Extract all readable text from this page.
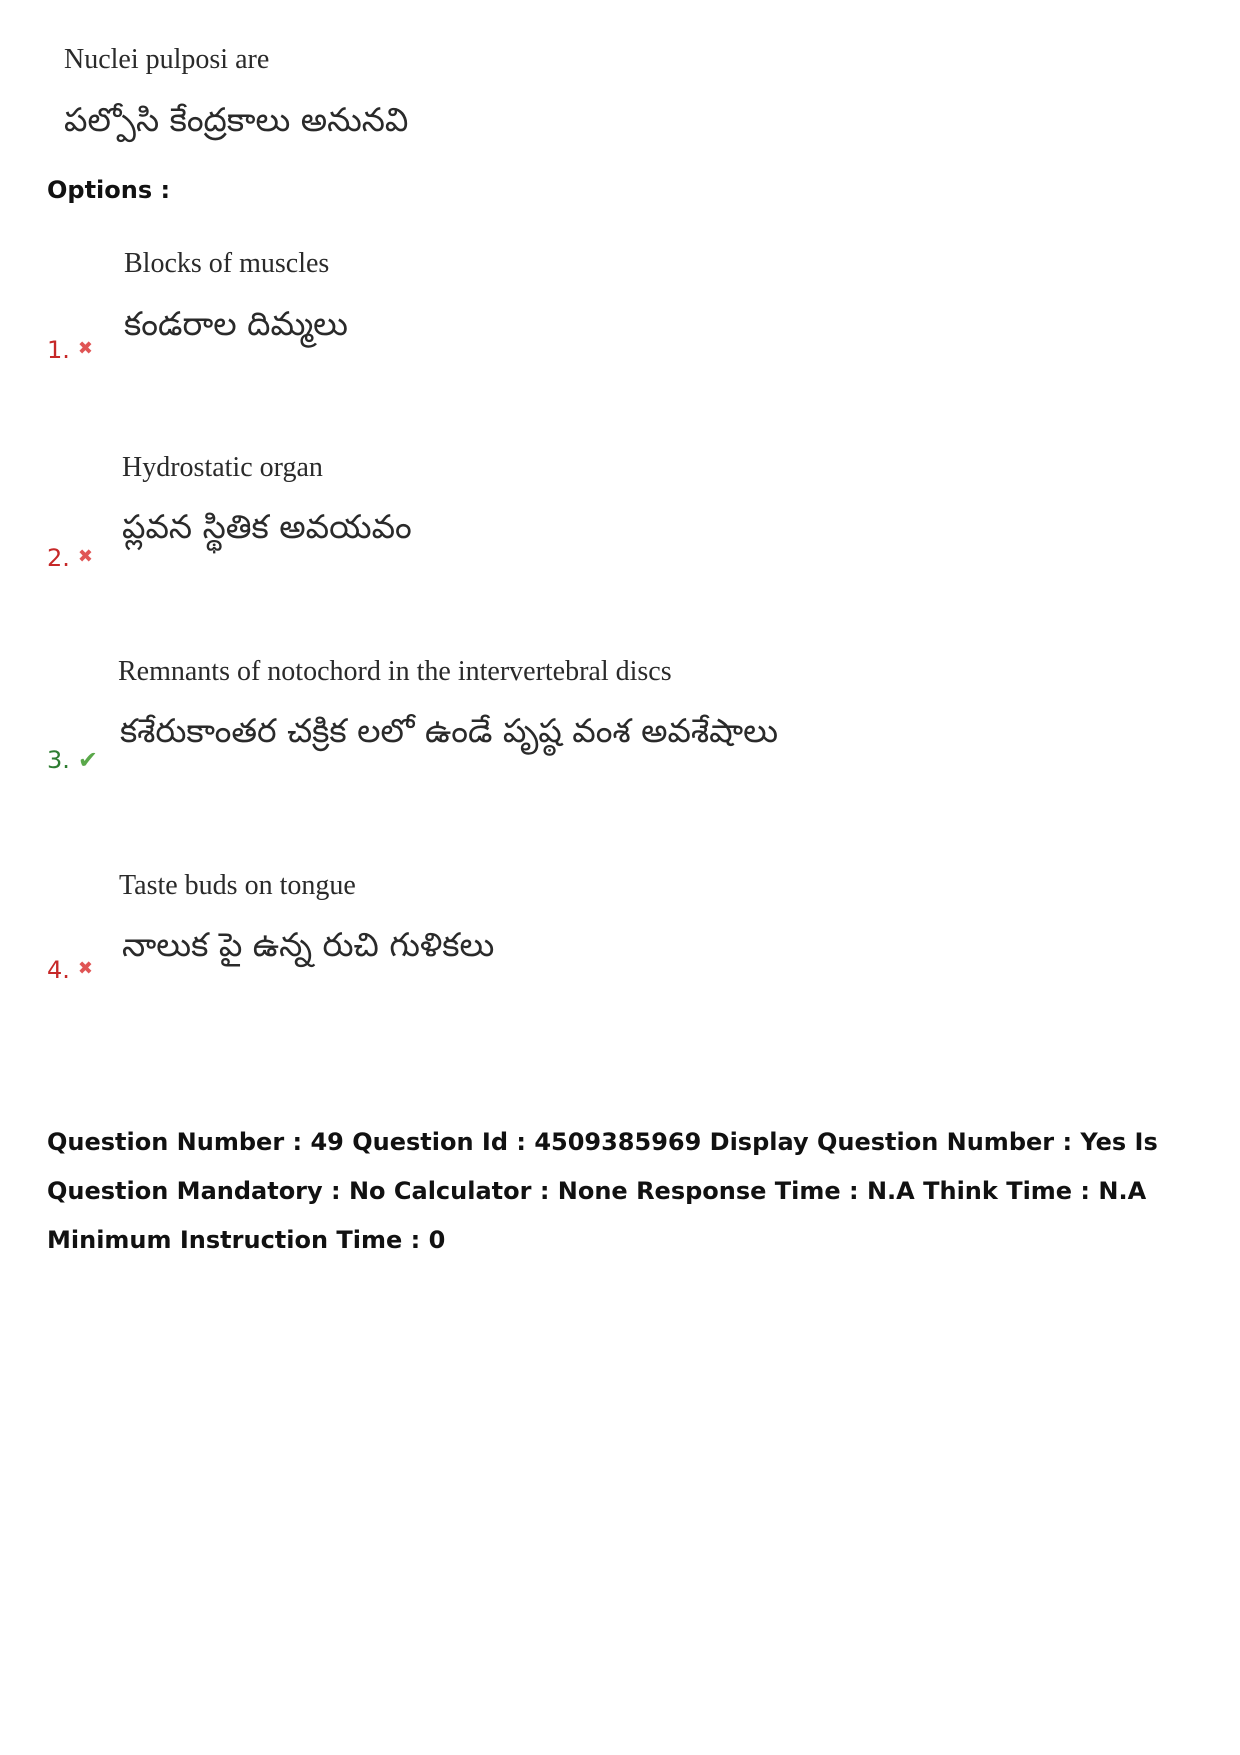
Nuclei pulposi are
పల్పోసి కేంద్రకాలు అనునవి
Options :
Blocks of muscles
కండరాల దిమ్మలు
1. ✖
Hydrostatic organ
ప్లవన స్థితిక అవయవం
2. ✖
Remnants of notochord in the intervertebral discs
కశేరుకాంతర చక్రిక లలో ఉండే పృష్ఠ వంశ అవశేషాలు
3. ✔
Taste buds on tongue
నాలుక పై ఉన్న రుచి గుళికలు
4. ✖
Question Number : 49 Question Id : 4509385969 Display Question Number : Yes Is Question Mandatory : No Calculator : None Response Time : N.A Think Time : N.A Minimum Instruction Time : 0
